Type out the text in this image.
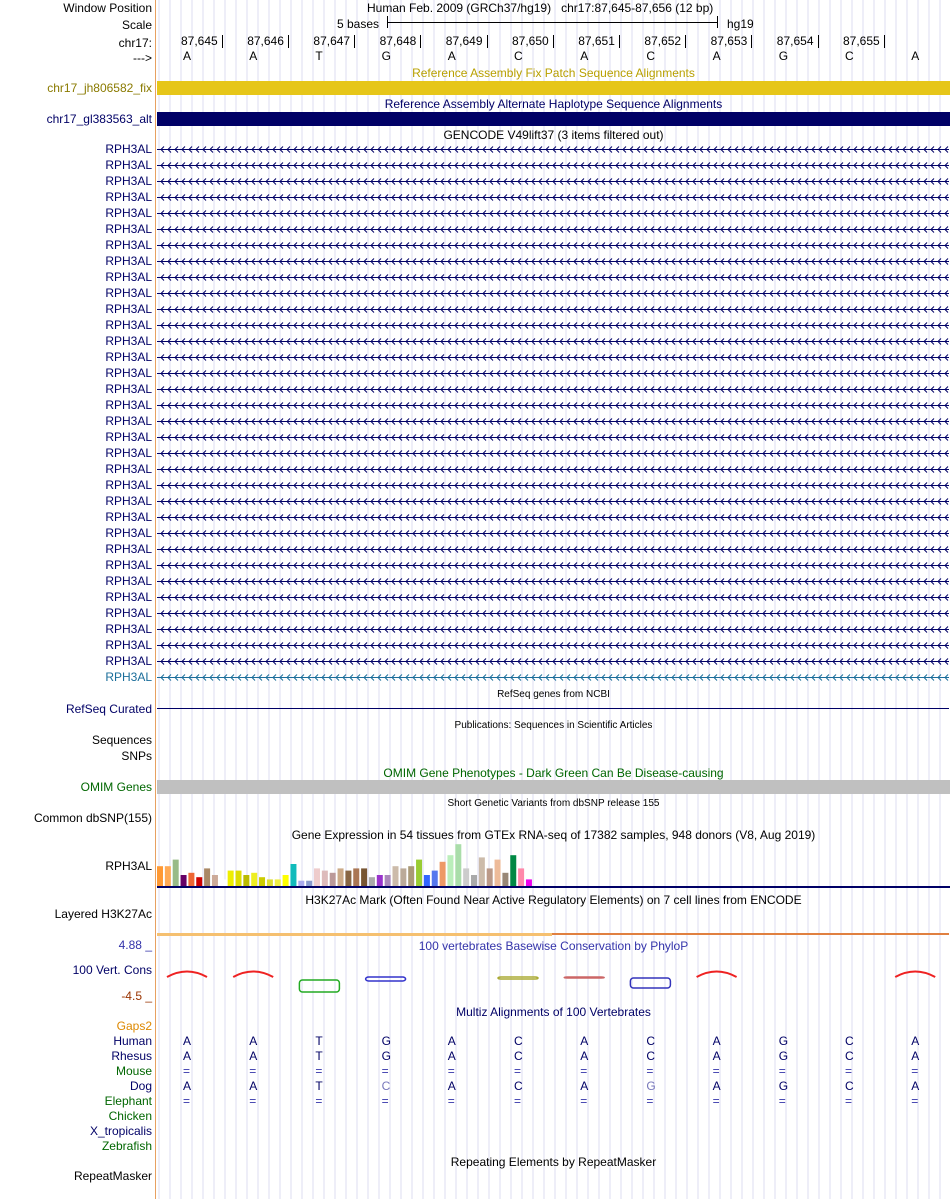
Window Position
Scale
chr17:
--->
Human Feb. 2009 (GRCh37/hg19) chr17:87,645-87,656 (12 bp)
5 bases	hg19
87,645	87,646	87,647	87,648	87,649	87,650	87,651	87,652	87,653	87,654	87,655
A	A	T	G	A	C	A	C	A	G	C	A
Reference Assembly Fix Patch Sequence Alignments
chr17_jh806582_fix
Reference Assembly Alternate Haplotype Sequence Alignments
chr17_gl383563_alt
GENCODE V49lift37 (3 items filtered out)
RPH3AL
RPH3AL
RPH3AL
RPH3AL
RPH3AL
RPH3AL
RPH3AL
RPH3AL
RPH3AL
RPH3AL
RPH3AL
RPH3AL
RPH3AL
RPH3AL
RPH3AL
RPH3AL
RPH3AL
RPH3AL
RPH3AL
RPH3AL
RPH3AL
RPH3AL
RPH3AL
RPH3AL
RPH3AL
RPH3AL
RPH3AL
RPH3AL
RPH3AL
RPH3AL
RPH3AL
RPH3AL
RPH3AL
RPH3AL
RefSeq genes from NCBI
RefSeq Curated
Publications: Sequences in Scientific Articles
Sequences
SNPs
OMIM Gene Phenotypes - Dark Green Can Be Disease-causing
OMIM Genes
Short Genetic Variants from dbSNP release 155
Common dbSNP(155)
Gene Expression in 54 tissues from GTEx RNA-seq of 17382 samples, 948 donors (V8, Aug 2019)
RPH3AL
H3K27Ac Mark (Often Found Near Active Regulatory Elements) on 7 cell lines from ENCODE
Layered H3K27Ac
4.88 _	100 vertebrates Basewise Conservation by PhyloP
100 Vert. Cons
-4.5 _
Multiz Alignments of 100 Vertebrates
Gaps2
Human	A	A	T	G	A	C	A	C	A	G	C	A
Rhesus	A	A	T	G	A	C	A	C	A	G	C	A
Mouse	=	=	=	=	=	=	=	=	=	=	=	=
Dog	A	A	T	C	A	C	A	G	A	G	C	A
Elephant	=	=	=	=	=	=	=	=	=	=	=	=
Chicken
X_tropicalis
Zebrafish
Repeating Elements by RepeatMasker
RepeatMasker
